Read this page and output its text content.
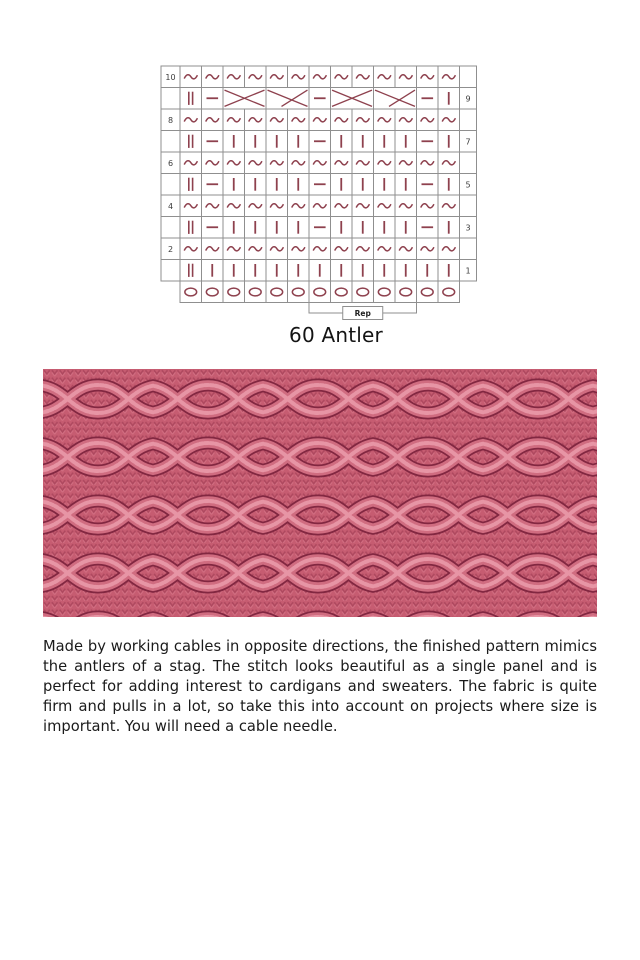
10
9
8
7
6
5
4
3
2
1
Rep
60 Antler

Made by working cables in opposite directions, the finished pattern mimics the antlers of a stag. The stitch looks beautiful as a single panel and is perfect for adding interest to cardigans and sweaters. The fabric is quite firm and pulls in a lot, so take this into account on projects where size is important. You will need a cable needle.
